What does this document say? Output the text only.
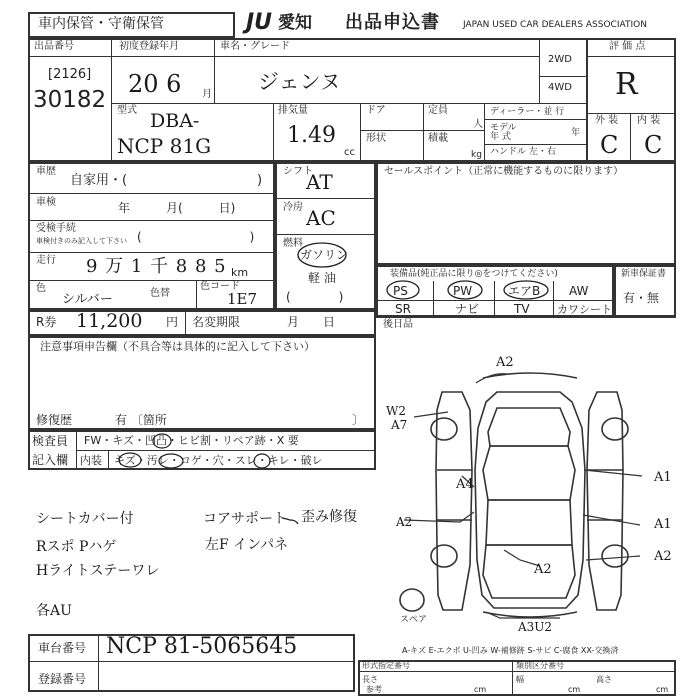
車内保管・守衛保管	JU 愛知 出品申込書	JAPAN USED CAR DEALERS ASSOCIATION
出品番号
[2126]
30182
初度登録年月
20 6 月
車名・グレード
ジェンヌ
2WD
4WD
評 価 点
R
外 装 内 装
C C
型式 DBA-
NCP 81G
排気量
1.49
cc
ドア
形状
定員
人
積載
kg
ディーラー・並 行
モデル
年 式	年
ハンドル 左・右
車歴
自家用・(	)
車検	年　　　月(　　　日)
受検手続
車検付きのみ記入して下さい (　　　　　　　　　)
走行 9 万 1 千 8 8 5 km
色
シルバー	色替
色コード
1E7
シフト
AT
冷房 AC
燃料
ガソリン
軽 油
(　　　　)
セールスポイント（正常に機能するものに限ります）
装備品(純正品に限り◎をつけてください)
PS	PW	エアB AW
SR	ナビ	TV カワシート
新車保証書
有・無
R券 11,200 円 名変期限	月　　日	後日品
注意事項申告欄（不具合等は具体的に記入して下さい）
修復歴	有 〔箇所	〕
検査員
記入欄
FW・キズ・凹凸・ヒビ割・リペア跡・X 要
内装 キズ・汚レ・コゲ・穴・スレ・キレ・破レ
シートカバー付
Rスポ Pハゲ
Hライトステーワレ
コアサポート 歪み修復
左F インパネ
各AU
車台番号 NCP 81-5065645
登録番号
A-キズ E-エクボ U-凹み W-補修跡 S-サビ C-腐食 XX-交換済
形式指定番号	類別区分番号
長さ
参考	cm
幅
cm
高さ
cm
A2
W2
A7
A4	A1
A2	A1
A2
A2
A3U2
スペア
